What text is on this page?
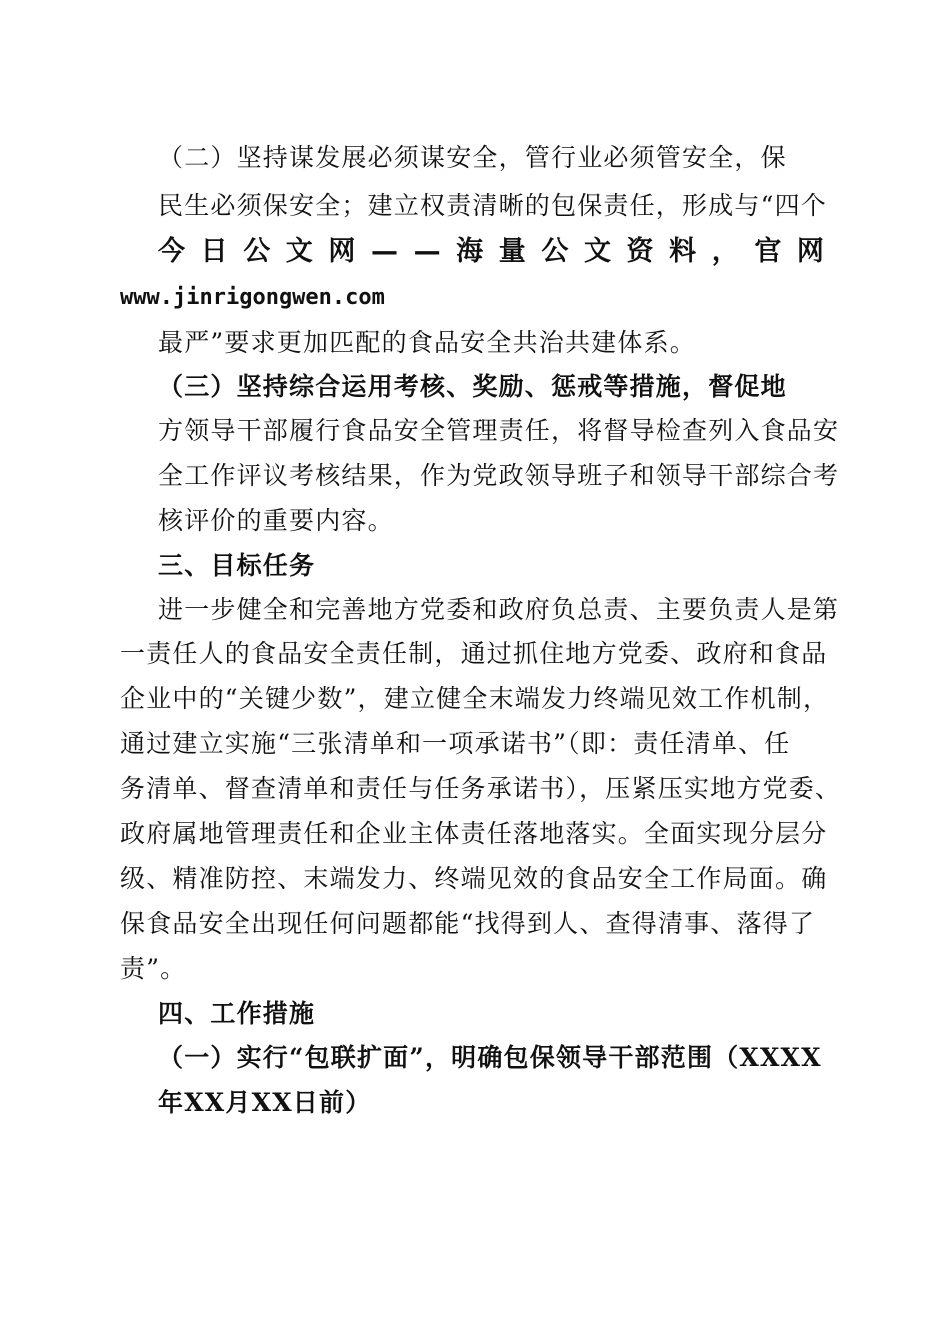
（二）坚持谋发展必须谋安全，管行业必须管安全，保
民生必须保安全；建立权责清晰的包保责任，形成与“四个
今 日 公 文 网 — — 海 量 公 文 资 料 ， 官 网
www.jinrigongwen.com
最严”要求更加匹配的食品安全共治共建体系。
（三）坚持综合运用考核、奖励、惩戒等措施，督促地
方领导干部履行食品安全管理责任，将督导检查列入食品安
全工作评议考核结果，作为党政领导班子和领导干部综合考
核评价的重要内容。
三、目标任务
进一步健全和完善地方党委和政府负总责、主要负责人是第
一责任人的食品安全责任制，通过抓住地方党委、政府和食品
企业中的“关键少数”，建立健全末端发力终端见效工作机制，
通过建立实施“三张清单和一项承诺书”（即：责任清单、任
务清单、督查清单和责任与任务承诺书），压紧压实地方党委、
政府属地管理责任和企业主体责任落地落实。全面实现分层分
级、精准防控、末端发力、终端见效的食品安全工作局面。确
保食品安全出现任何问题都能“找得到人、查得清事、落得了
责”。
四、工作措施
（一）实行“包联扩面”，明确包保领导干部范围（XXXX
年XX月XX日前）
